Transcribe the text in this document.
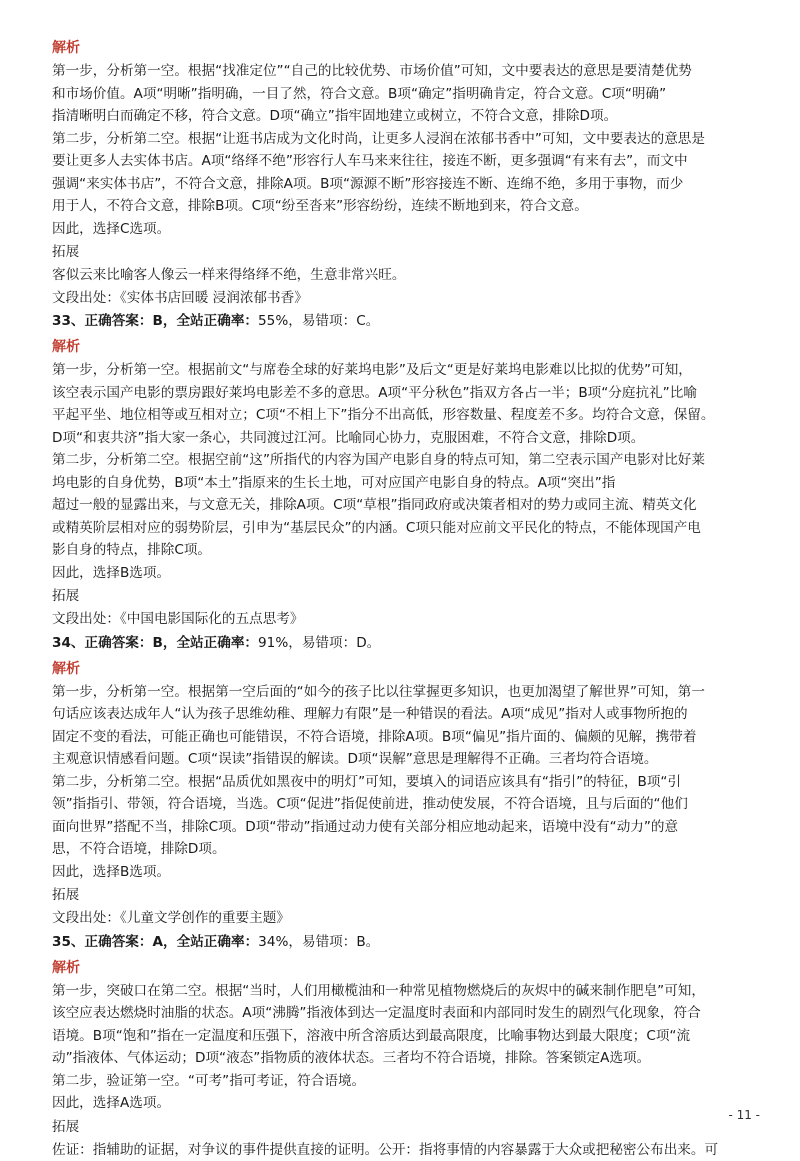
解析
第一步，分析第一空。根据“找准定位”“自己的比较优势、市场价值”可知，文中要表达的意思是要清楚优势
和市场价值。A项“明晰”指明确，一目了然，符合文意。B项“确定”指明确肯定，符合文意。C项“明确”
指清晰明白而确定不移，符合文意。D项“确立”指牢固地建立或树立，不符合文意，排除D项。
第二步，分析第二空。根据“让逛书店成为文化时尚，让更多人浸润在浓郁书香中”可知，文中要表达的意思是
要让更多人去实体书店。A项“络绎不绝”形容行人车马来来往往，接连不断，更多强调“有来有去”，而文中
强调“来实体书店”，不符合文意，排除A项。B项“源源不断”形容接连不断、连绵不绝，多用于事物，而少
用于人，不符合文意，排除B项。C项“纷至沓来”形容纷纷，连续不断地到来，符合文意。
因此，选择C选项。
拓展
客似云来比喻客人像云一样来得络绎不绝，生意非常兴旺。
文段出处：《实体书店回暖 浸润浓郁书香》
33、正确答案：B，全站正确率：55%，易错项：C。
解析
第一步，分析第一空。根据前文“与席卷全球的好莱坞电影”及后文“更是好莱坞电影难以比拟的优势”可知，
该空表示国产电影的票房跟好莱坞电影差不多的意思。A项“平分秋色”指双方各占一半；B项“分庭抗礼”比喻
平起平坐、地位相等或互相对立；C项“不相上下”指分不出高低，形容数量、程度差不多。均符合文意，保留。
D项“和衷共济”指大家一条心，共同渡过江河。比喻同心协力，克服困难，不符合文意，排除D项。
第二步，分析第二空。根据空前“这”所指代的内容为国产电影自身的特点可知，第二空表示国产电影对比好莱
坞电影的自身优势，B项“本土”指原来的生长土地，可对应国产电影自身的特点。A项“突出”指
超过一般的显露出来，与文意无关，排除A项。C项“草根”指同政府或决策者相对的势力或同主流、精英文化
或精英阶层相对应的弱势阶层，引申为“基层民众”的内涵。C项只能对应前文平民化的特点，不能体现国产电
影自身的特点，排除C项。
因此，选择B选项。
拓展
文段出处：《中国电影国际化的五点思考》
34、正确答案：B，全站正确率：91%，易错项：D。
解析
第一步，分析第一空。根据第一空后面的“如今的孩子比以往掌握更多知识，也更加渴望了解世界”可知，第一
句话应该表达成年人“认为孩子思维幼稚、理解力有限”是一种错误的看法。A项“成见”指对人或事物所抱的
固定不变的看法，可能正确也可能错误，不符合语境，排除A项。B项“偏见”指片面的、偏颇的见解，携带着
主观意识情感看问题。C项“误读”指错误的解读。D项“误解”意思是理解得不正确。三者均符合语境。
第二步，分析第二空。根据“品质优如黑夜中的明灯”可知，要填入的词语应该具有“指引”的特征，B项“引
领”指指引、带领，符合语境，当选。C项“促进”指促使前进，推动使发展，不符合语境，且与后面的“他们
面向世界”搭配不当，排除C项。D项“带动”指通过动力使有关部分相应地动起来，语境中没有“动力”的意
思，不符合语境，排除D项。
因此，选择B选项。
拓展
文段出处：《儿童文学创作的重要主题》
35、正确答案：A，全站正确率：34%，易错项：B。
解析
第一步，突破口在第二空。根据“当时，人们用橄榄油和一种常见植物燃烧后的灰烬中的碱来制作肥皂”可知，
该空应表达燃烧时油脂的状态。A项“沸腾”指液体到达一定温度时表面和内部同时发生的剧烈气化现象，符合
语境。B项“饱和”指在一定温度和压强下，溶液中所含溶质达到最高限度，比喻事物达到最大限度；C项“流
动”指液体、气体运动；D项“液态”指物质的液体状态。三者均不符合语境，排除。答案锁定A选项。
第二步，验证第一空。“可考”指可考证，符合语境。
因此，选择A选项。
拓展
佐证：指辅助的证据，对争议的事件提供直接的证明。公开：指将事情的内容暴露于大众或把秘密公布出来。可
- 11 -
